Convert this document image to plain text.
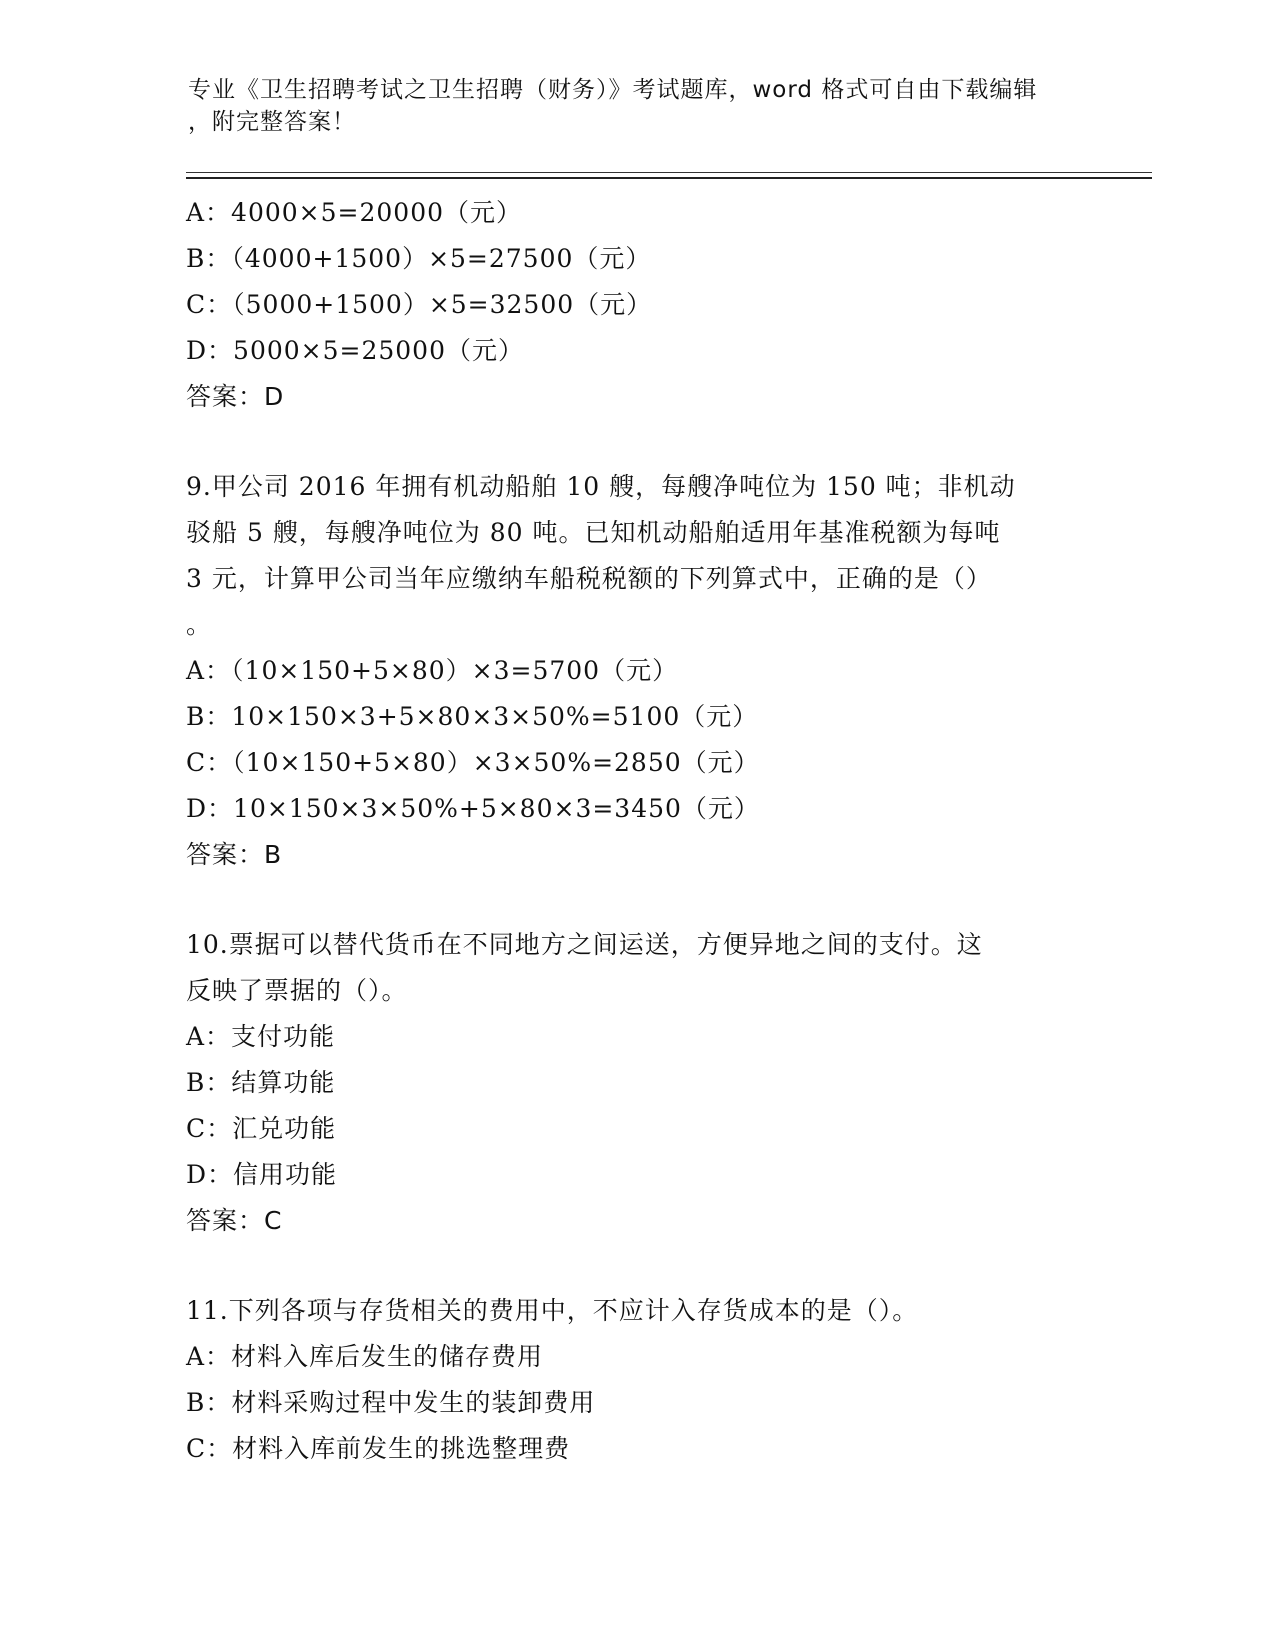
专业《卫生招聘考试之卫生招聘（财务）》考试题库，word 格式可自由下载编辑
，附完整答案！
A：4000×5=20000（元）
B：（4000+1500）×5=27500（元）
C：（5000+1500）×5=32500（元）
D：5000×5=25000（元）
答案：D
9.甲公司 2016 年拥有机动船舶 10 艘，每艘净吨位为 150 吨；非机动
驳船 5 艘，每艘净吨位为 80 吨。已知机动船舶适用年基准税额为每吨
3 元，计算甲公司当年应缴纳车船税税额的下列算式中，正确的是（）
。
A：（10×150+5×80）×3=5700（元）
B：10×150×3+5×80×3×50%=5100（元）
C：（10×150+5×80）×3×50%=2850（元）
D：10×150×3×50%+5×80×3=3450（元）
答案：B
10.票据可以替代货币在不同地方之间运送，方便异地之间的支付。这
反映了票据的（）。
A：支付功能
B：结算功能
C：汇兑功能
D：信用功能
答案：C
11.下列各项与存货相关的费用中，不应计入存货成本的是（）。
A：材料入库后发生的储存费用
B：材料采购过程中发生的装卸费用
C：材料入库前发生的挑选整理费
